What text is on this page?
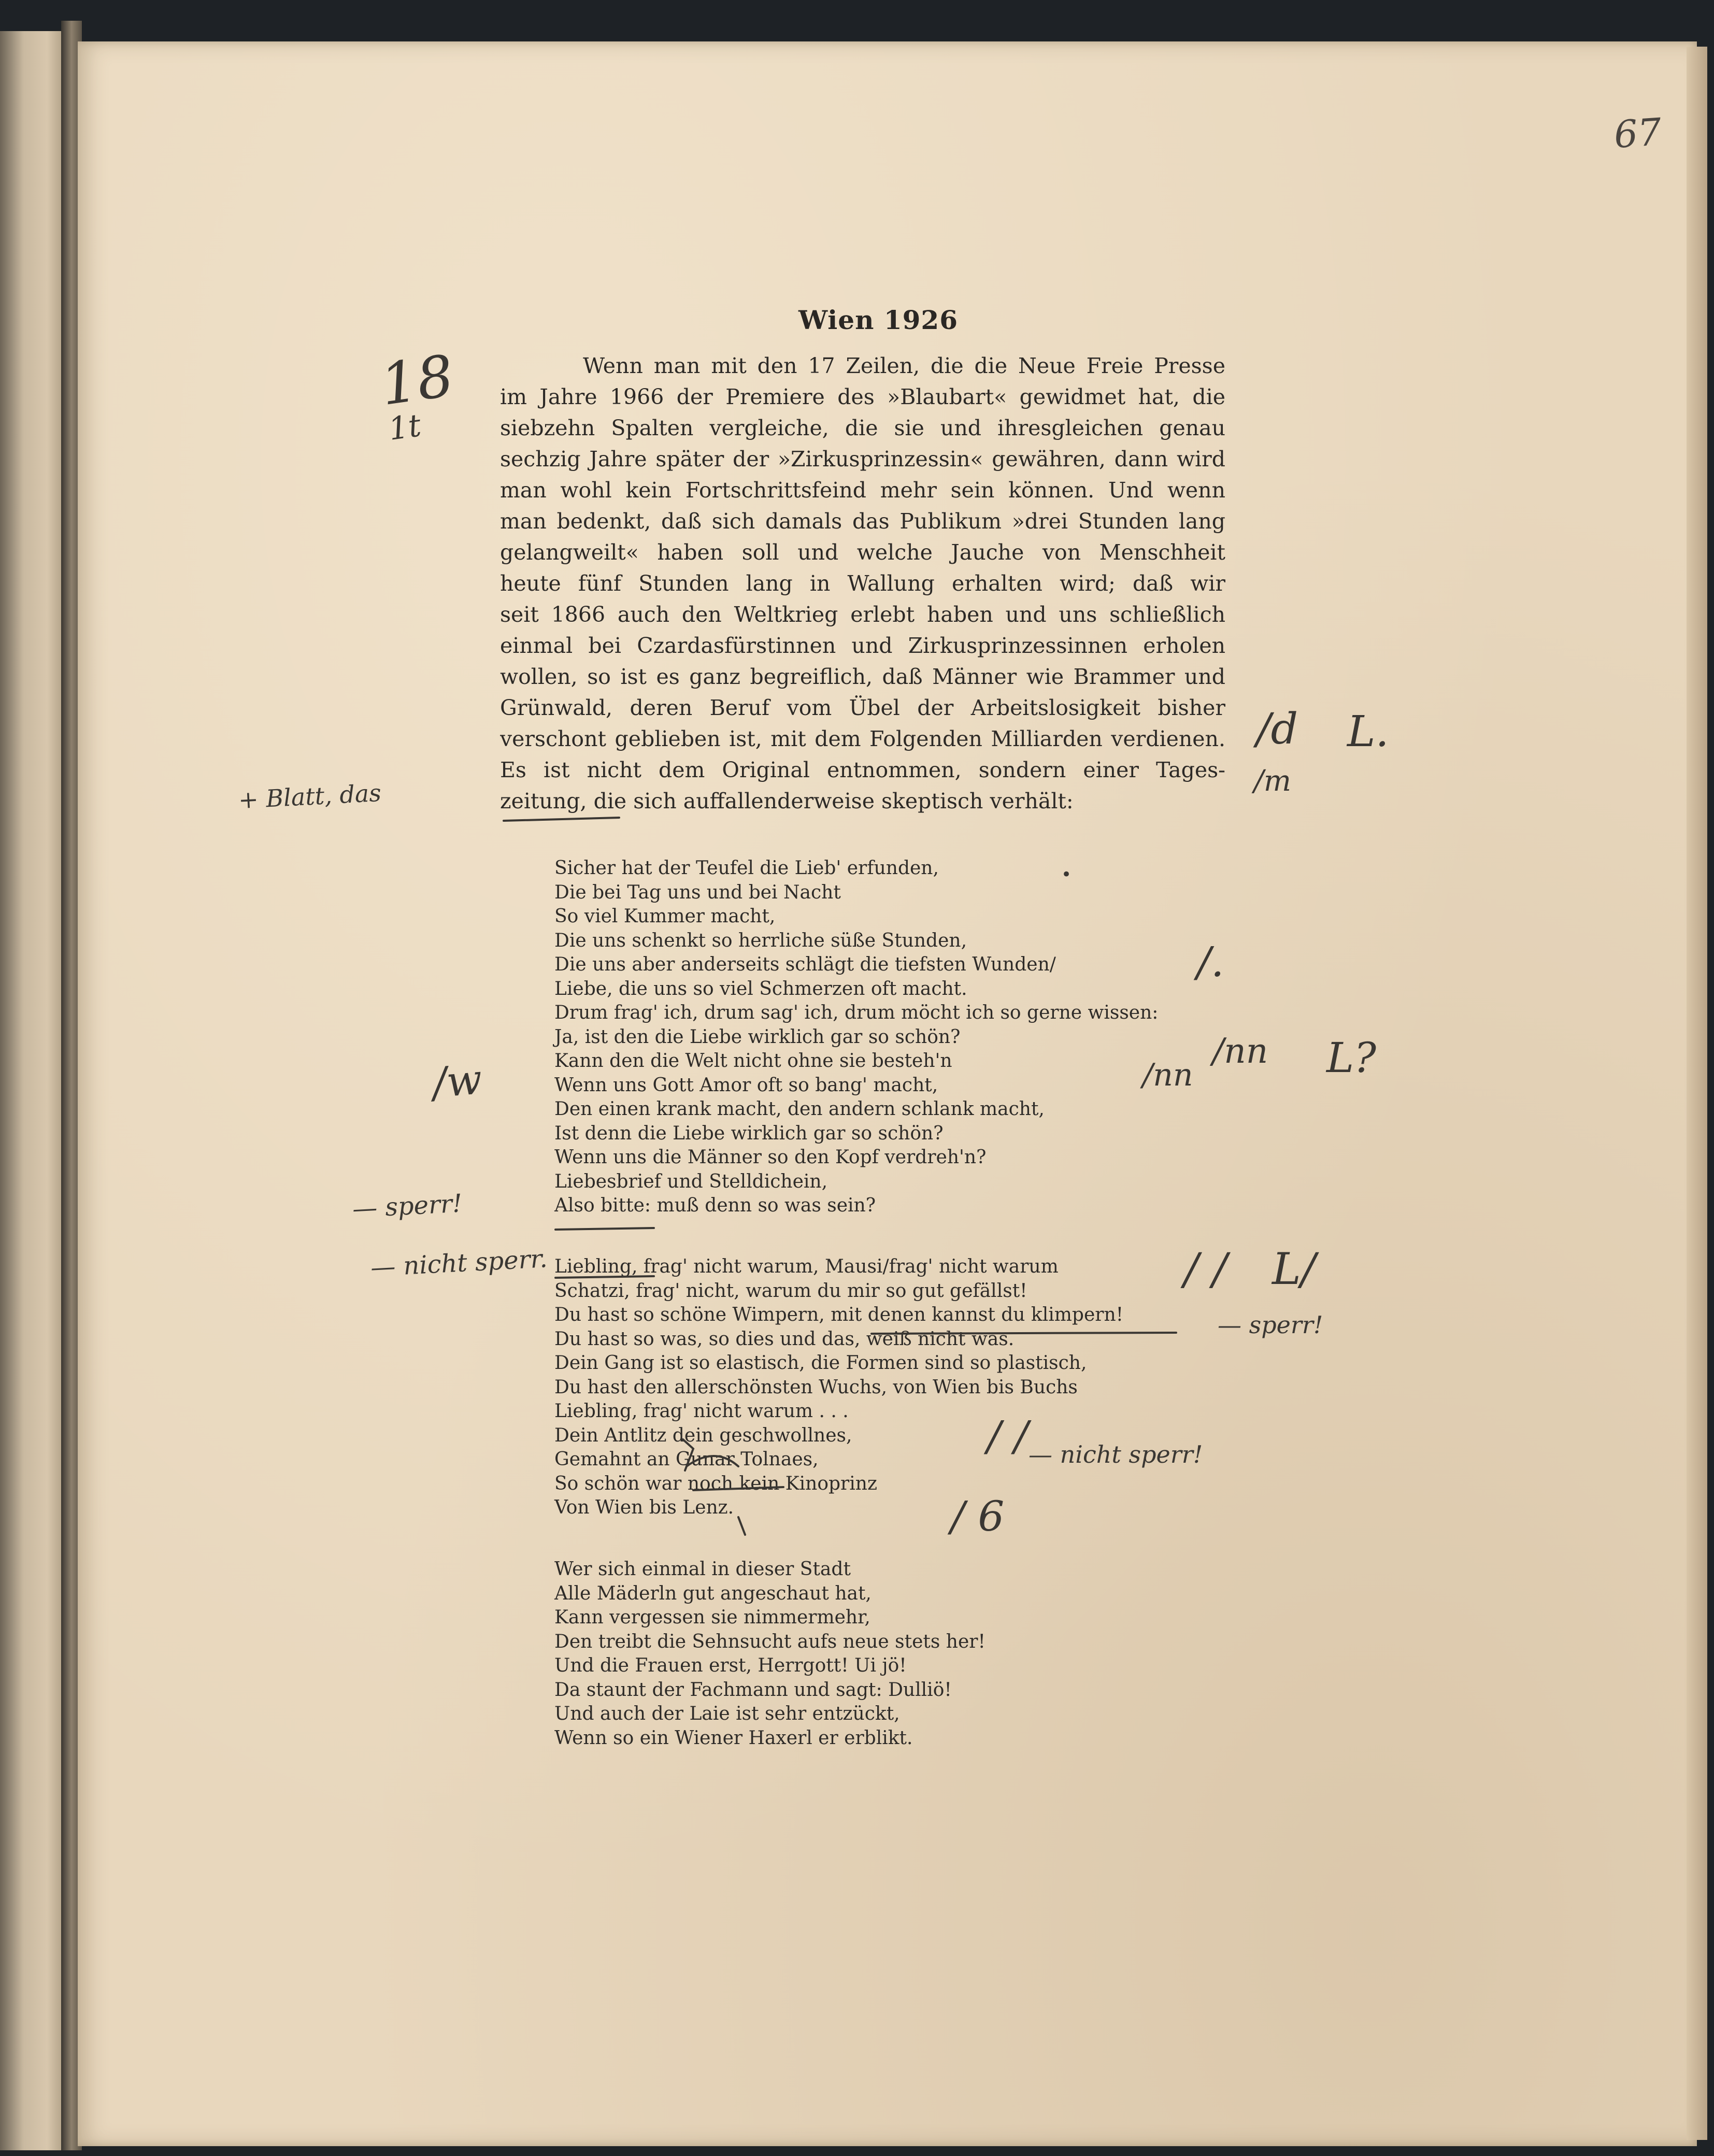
67
Wien 1926
Wenn man mit den 17 Zeilen, die die Neue Freie Presse
im Jahre 1966 der Premiere des »Blaubart« gewidmet hat, die
siebzehn Spalten vergleiche, die sie und ihresgleichen genau
sechzig Jahre später der »Zirkusprinzessin« gewähren, dann wird
man wohl kein Fortschrittsfeind mehr sein können. Und wenn
man bedenkt, daß sich damals das Publikum »drei Stunden lang
gelangweilt« haben soll und welche Jauche von Menschheit
heute fünf Stunden lang in Wallung erhalten wird; daß wir
seit 1866 auch den Weltkrieg erlebt haben und uns schließlich
einmal bei Czardasfürstinnen und Zirkusprinzessinnen erholen
wollen, so ist es ganz begreiflich, daß Männer wie Brammer und
Grünwald, deren Beruf vom Übel der Arbeitslosigkeit bisher
verschont geblieben ist, mit dem Folgenden Milliarden verdienen.
Es ist nicht dem Original entnommen, sondern einer Tages-
zeitung, die sich auffallenderweise skeptisch verhält:
Sicher hat der Teufel die Lieb' erfunden,
Die bei Tag uns und bei Nacht
So viel Kummer macht,
Die uns schenkt so herrliche süße Stunden,
Die uns aber anderseits schlägt die tiefsten Wunden/
Liebe, die uns so viel Schmerzen oft macht.
Drum frag' ich, drum sag' ich, drum möcht ich so gerne wissen:
Ja, ist den die Liebe wirklich gar so schön?
Kann den die Welt nicht ohne sie besteh'n
Wenn uns Gott Amor oft so bang' macht,
Den einen krank macht, den andern schlank macht,
Ist denn die Liebe wirklich gar so schön?
Wenn uns die Männer so den Kopf verdreh'n?
Liebesbrief und Stelldichein,
Also bitte: muß denn so was sein?
Liebling, frag' nicht warum, Mausi/frag' nicht warum
Schatzi, frag' nicht, warum du mir so gut gefällst!
Du hast so schöne Wimpern, mit denen kannst du klimpern!
Du hast so was, so dies und das, weiß nicht was.
Dein Gang ist so elastisch, die Formen sind so plastisch,
Du hast den allerschönsten Wuchs, von Wien bis Buchs
Liebling, frag' nicht warum . . .
Dein Antlitz dein geschwollnes,
Gemahnt an Gunar Tolnaes,
So schön war noch kein Kinoprinz
Von Wien bis Lenz.
Wer sich einmal in dieser Stadt
Alle Mäderln gut angeschaut hat,
Kann vergessen sie nimmermehr,
Den treibt die Sehnsucht aufs neue stets her!
Und die Frauen erst, Herrgott! Ui jö!
Da staunt der Fachmann und sagt: Dulliö!
Und auch der Laie ist sehr entzückt,
Wenn so ein Wiener Haxerl er erblikt.
18
1t
+ Blatt, das
/w
— sperr!
— nicht sperr.
/d L.
/m
/.
/nn
/nn L?
/ / L/
— sperr!
/ / — nicht sperr!
/ 6
•
